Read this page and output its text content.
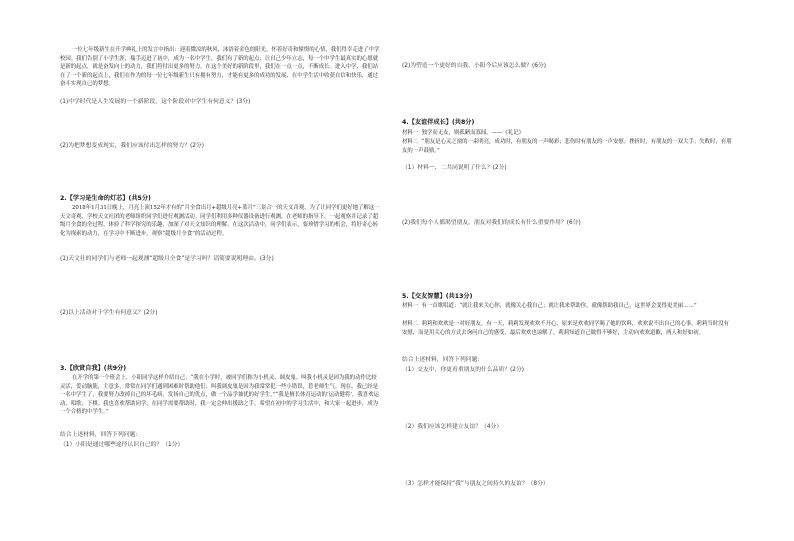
一位七年级新生在开学典礼上的发言中指出：迎着微凉的秋风，沐浴着金色的阳光，怀着好奇和憧憬的心情，我们得幸走进了中学校园。我们告别了小学生涯，揣手迈进了初中，成为一名中学生，我们有了新的起点；让自己少年立志，每一个中学生最真实的心愿就是新的起点，就是奋发向上的动力，我们将付出更多的努力，在这个美好的新阶段里，我们在一点一点，不断成长。进入中学，我们站在了一个新的起点上，我们在作为的每一位七年级新生只有拥有努力，才能有更多的成功的发展，在中学生活中收获自信和快乐，通过奋斗实现自己的梦想。
(1)中学时代是人生发展的一个新阶段，这个阶段对中学生有何意义？(3分)
(2)为把梦想变成现实，我们应该付出怎样的努力？(2分)
2.【学习是生命的灯芯】(共5分)
2018年1月31日晚上，月亮上演152年才有的“月全食出月+超级月亮+蓝月”三景合一的天文奇观。为了让同学们更好地了解这一天文奇观，学校天文社团的老师组织同学们进行观测活动。同学们利用多种仪器设备进行观测，在老师的指导下，一起观察并记录了超级月全食的全过程，体验了科学探究的乐趣，加深了对天文知识的理解。在这次活动中，同学们表示，要珍惜学习的机会，将好奇心转化为探索的动力，在学习中不断进步，观察“超级月全食”的活动过程。
(1)天文社的同学们与老师一起观测“超级月全食”是学习吗？请简要说明理由。(3分)
(2)以上活动对于学生有何意义？(2分)
3.【欣赏自我】(共9分)
在开学的第一个班会上，小阳同学这样介绍自己：“我在小学时，被同学们称为小机灵、调皮鬼。叫我小机灵是因为我的动作比较灵活，爱动脑筋，主意多，常常在同学们遇到困难时帮助他们；叫我调皮鬼是因为我常常犯一些小错误，惹老师生气。现在，我已经是一名中学生了，我要努力改掉自己的坏毛病，发扬自己的优点，做一个品学兼优的好学生。”“我是擅长体育运动的‘运动健将’，我喜欢运动、唱歌、下棋。我也喜欢帮助同学，在同学需要帮助时，我一定会伸出援助之手。希望在初中的学习生活中，和大家一起进步，成为一个合格的中学生。”
结合上述材料，回答下列问题：
（1）小阳是通过哪些途径认识自己的？（1分）
(2)为塑造一个更好的自我，小阳今后应该怎么做？(6分)
4.【友谊伴成长】(共8分)
材料一  独学而无友，则孤陋而寡闻。——《礼记》
材料二  “朋友是心灵之窗的一束明亮，成功时，有朋友的一声喝彩；悲伤时有朋友的一声安慰；挫折时，有朋友的一双大手；失败时，有朋友的一声鼓励。”
（1）材料一、二共同说明了什么？(2分)
(2)我们每个人都渴望朋友，朋友对我们的成长有什么重要作用？(6分)
5.【交友智慧】(共13分)
材料一  有一首歌唱道：“就让我来关心你，就像关心我自己；就让我来帮助你，就像帮助我自己，这世界会变得更美丽……”
材料二  莉莉和欢欢是一对好朋友。有一天，莉莉发现欢欢不开心，原来是欢欢同学喝了她的饮料，欢欢说不出自己的心事，莉莉当时没有安慰，而是用关心的方式去询问自己的感受，最后欢欢也谅解了，莉莉知道自己做得不够好，主动向欢欢道歉，两人和好如初。
结合上述材料，回答下列问题：
（1）交友中，你更看重朋友的什么品质？(2分)
（2）我们应该怎样建立友谊？（4分）
（3）怎样才能保持“我”与朋友之间持久的友谊？（8分）
